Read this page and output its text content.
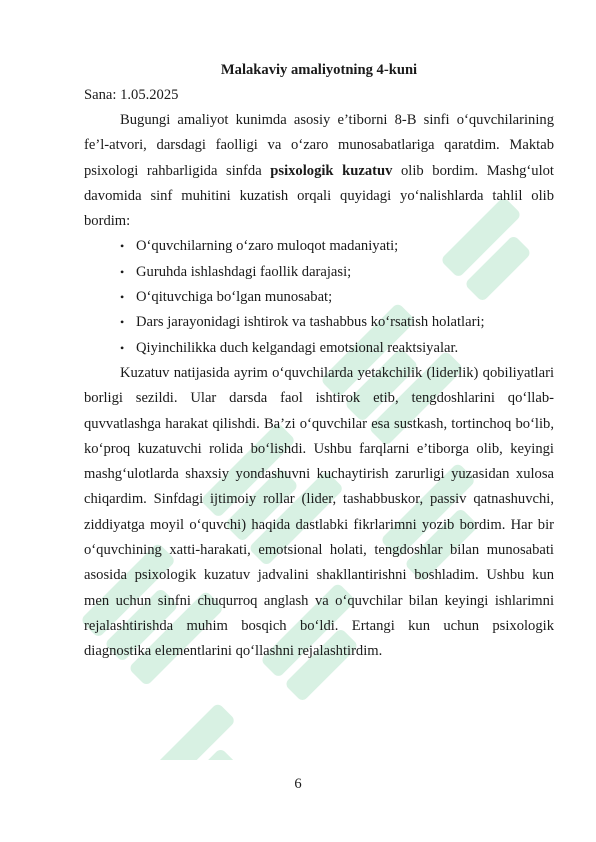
Malakaviy amaliyotning 4-kuni

Sana: 1.05.2025

Bugungi amaliyot kunimda asosiy e’tiborni 8-B sinfi o‘quvchilarining fe’l-atvori, darsdagi faolligi va o‘zaro munosabatlariga qaratdim. Maktab psixologi rahbarligida sinfda psixologik kuzatuv olib bordim. Mashg‘ulot davomida sinf muhitini kuzatish orqali quyidagi yo‘nalishlarda tahlil olib bordim:

• O‘quvchilarning o‘zaro muloqot madaniyati;
• Guruhda ishlashdagi faollik darajasi;
• O‘qituvchiga bo‘lgan munosabat;
• Dars jarayonidagi ishtirok va tashabbus ko‘rsatish holatlari;
• Qiyinchilikka duch kelgandagi emotsional reaktsiyalar.

Kuzatuv natijasida ayrim o‘quvchilarda yetakchilik (liderlik) qobiliyatlari borligi sezildi. Ular darsda faol ishtirok etib, tengdoshlarini qo‘llab-quvvatlashga harakat qilishdi. Ba’zi o‘quvchilar esa sustkash, tortinchoq bo‘lib, ko‘proq kuzatuvchi rolida bo‘lishdi. Ushbu farqlarni e’tiborga olib, keyingi mashg‘ulotlarda shaxsiy yondashuvni kuchaytirish zarurligi yuzasidan xulosa chiqardim. Sinfdagi ijtimoiy rollar (lider, tashabbuskor, passiv qatnashuvchi, ziddiyatga moyil o‘quvchi) haqida dastlabki fikrlarimni yozib bordim. Har bir o‘quvchining xatti-harakati, emotsional holati, tengdoshlar bilan munosabati asosida psixologik kuzatuv jadvalini shakllantirishni boshladim. Ushbu kun men uchun sinfni chuqurroq anglash va o‘quvchilar bilan keyingi ishlarimni rejalashtirishda muhim bosqich bo‘ldi. Ertangi kun uchun psixologik diagnostika elementlarini qo‘llashni rejalashtirdim.

6
